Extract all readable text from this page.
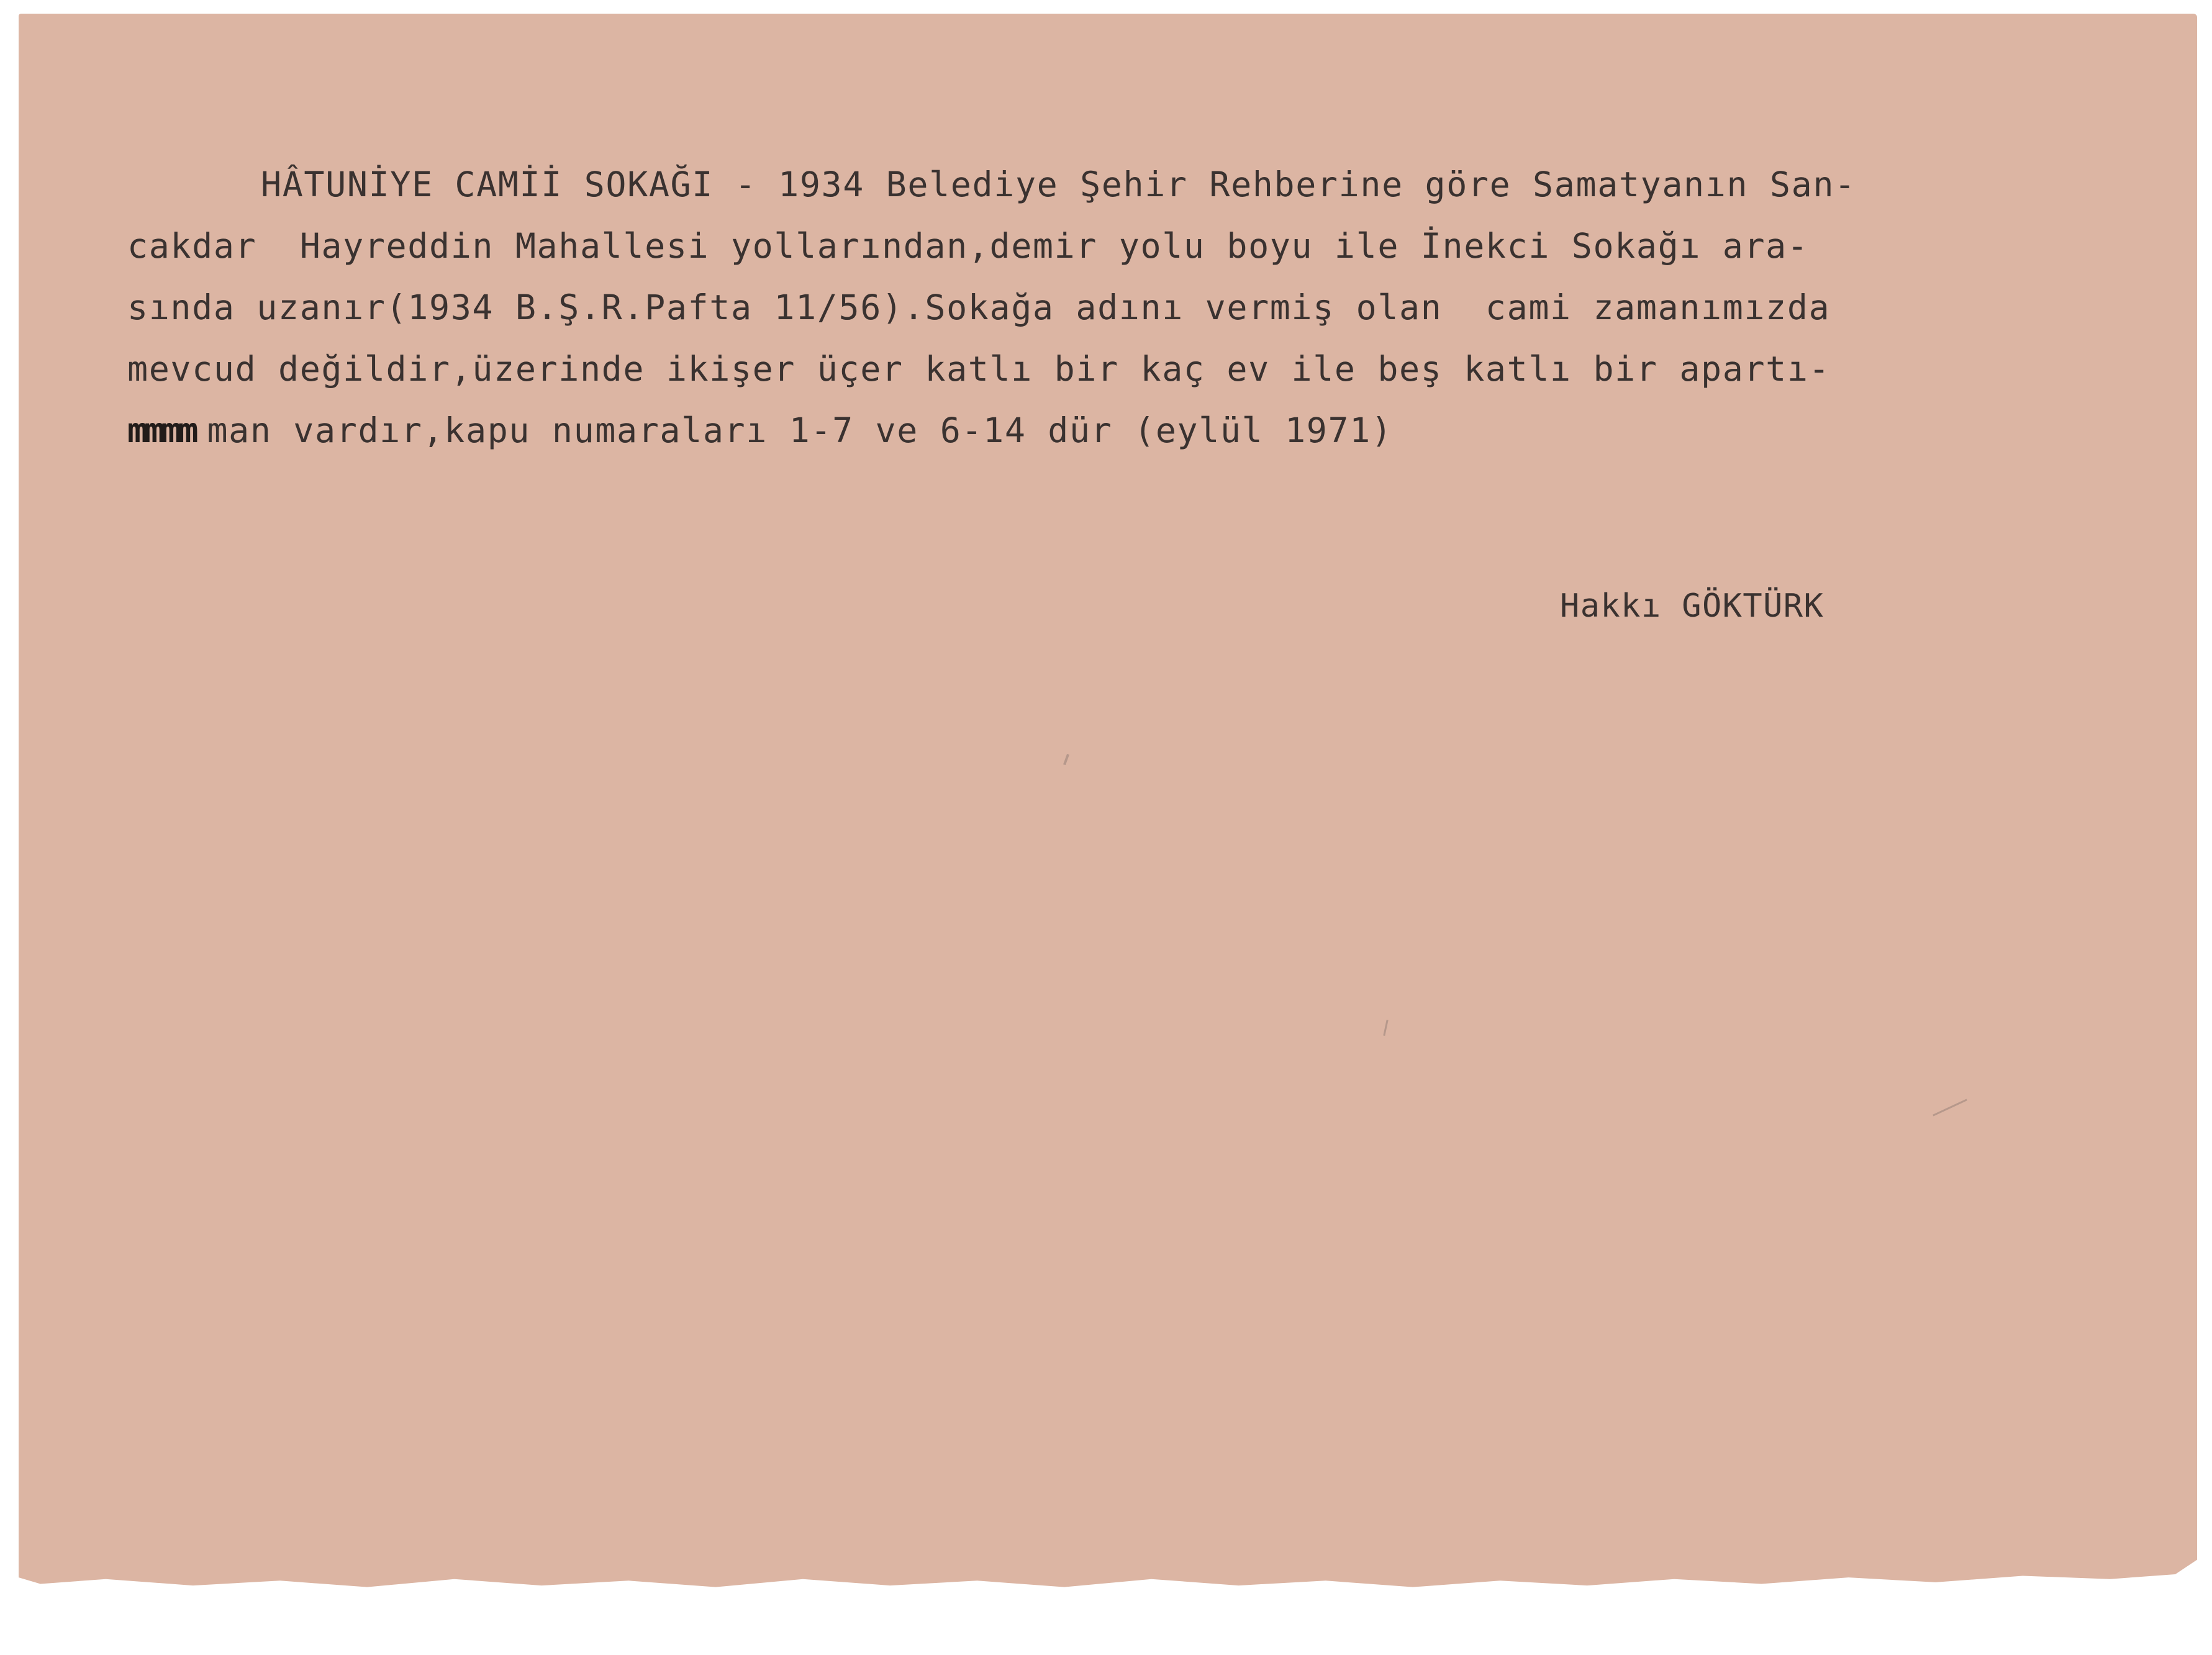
HÂTUNİYE CAMİİ SOKAĞI - 1934 Belediye Şehir Rehberine göre Samatyanın San-
cakdar  Hayreddin Mahallesi yollarından,demir yolu boyu ile İnekci Sokağı ara-
sında uzanır(1934 B.Ş.R.Pafta 11/56).Sokağa adını vermiş olan  cami zamanımızda
mevcud değildir,üzerinde ikişer üçer katlı bir kaç ev ile beş katlı bir apartı-
mmmm man vardır,kapu numaraları 1-7 ve 6-14 dür (eylül 1971)
Hakkı GÖKTÜRK
